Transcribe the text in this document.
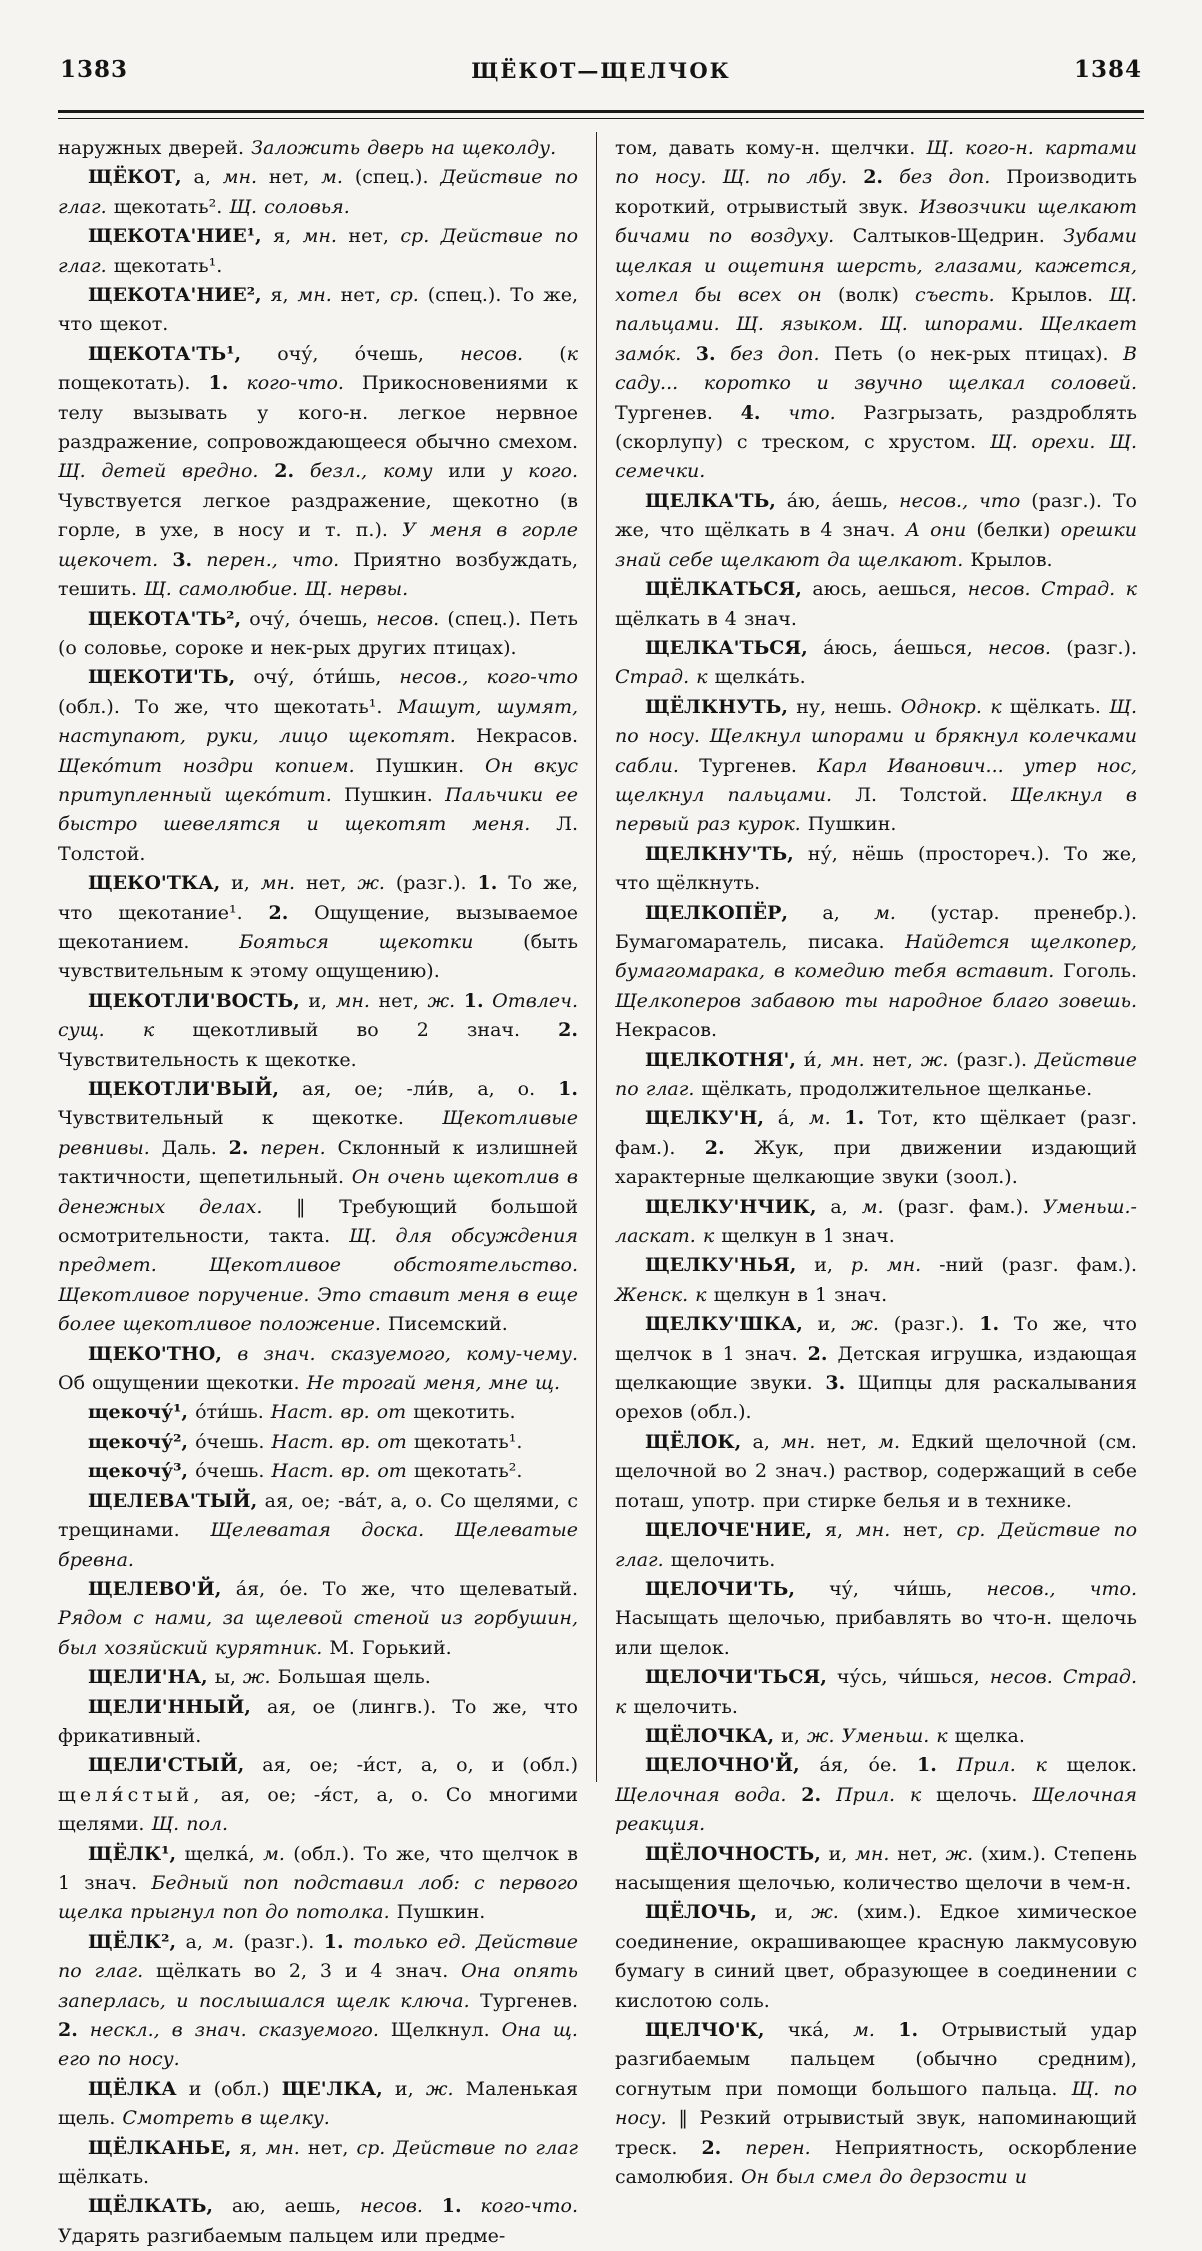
1383	ЩЁКОТ—ЩЕЛЧОК	1384

наружных дверей. Заложить дверь на щеколду.

ЩЁКОТ, а, мн. нет, м. (спец.). Действие по глаг. щекотать². Щ. соловья.

ЩЕКОТА'НИЕ¹, я, мн. нет, ср. Действие по глаг. щекотать¹.

ЩЕКОТА'НИЕ², я, мн. нет, ср. (спец.). То же, что щекот.

ЩЕКОТА'ТЬ¹, очу́, о́чешь, несов. (к пощекотать). 1. кого-что. Прикосновениями к телу вызывать у кого-н. легкое нервное раздражение, сопровождающееся обычно смехом. Щ. детей вредно. 2. безл., кому или у кого. Чувствуется легкое раздражение, щекотно (в горле, в ухе, в носу и т. п.). У меня в горле щекочет. 3. перен., что. Приятно возбуждать, тешить. Щ. самолюбие. Щ. нервы.

ЩЕКОТА'ТЬ², очу́, о́чешь, несов. (спец.). Петь (о соловье, сороке и нек-рых других птицах).

ЩЕКОТИ'ТЬ, очу́, о́ти́шь, несов., кого-что (обл.). То же, что щекотать¹. Машут, шумят, наступают, руки, лицо щекотят. Некрасов. Щеко́тит ноздри копием. Пушкин. Он вкус притупленный щеко́тит. Пушкин. Пальчики ее быстро шевелятся и щекотят меня. Л. Толстой.

ЩЕКО'ТКА, и, мн. нет, ж. (разг.). 1. То же, что щекотание¹. 2. Ощущение, вызываемое щекотанием. Бояться щекотки (быть чувствительным к этому ощущению).

ЩЕКОТЛИ'ВОСТЬ, и, мн. нет, ж. 1. Отвлеч. сущ. к щекотливый во 2 знач. 2. Чувствительность к щекотке.

ЩЕКОТЛИ'ВЫЙ, ая, ое; -ли́в, а, о. 1. Чувствительный к щекотке. Щекотливые ревнивы. Даль. 2. перен. Склонный к излишней тактичности, щепетильный. Он очень щекотлив в денежных делах. ‖ Требующий большой осмотрительности, такта. Щ. для обсуждения предмет. Щекотливое обстоятельство. Щекотливое поручение. Это ставит меня в еще более щекотливое положение. Писемский.

ЩЕКО'ТНО, в знач. сказуемого, кому-чему. Об ощущении щекотки. Не трогай меня, мне щ.

щекочу́¹, о́ти́шь. Наст. вр. от щекотить.

щекочу́², о́чешь. Наст. вр. от щекотать¹.

щекочу́³, о́чешь. Наст. вр. от щекотать².

ЩЕЛЕВА'ТЫЙ, ая, ое; -ва́т, а, о. Со щелями, с трещинами. Щелеватая доска. Щелеватые бревна.

ЩЕЛЕВО'Й, а́я, о́е. То же, что щелеватый. Рядом с нами, за щелевой стеной из горбушин, был хозяйский курятник. М. Горький.

ЩЕЛИ'НА, ы, ж. Большая щель.

ЩЕЛИ'ННЫЙ, ая, ое (лингв.). То же, что фрикативный.

ЩЕЛИ'СТЫЙ, ая, ое; -и́ст, а, о, и (обл.) щеля́стый, ая, ое; -я́ст, а, о. Со многими щелями. Щ. пол.

ЩЁЛК¹, щелка́, м. (обл.). То же, что щелчок в 1 знач. Бедный поп подставил лоб: с первого щелка прыгнул поп до потолка. Пушкин.

ЩЁЛК², а, м. (разг.). 1. только ед. Действие по глаг. щёлкать во 2, 3 и 4 знач. Она опять заперлась, и послышался щелк ключа. Тургенев. 2. нескл., в знач. сказуемого. Щелкнул. Она щ. его по носу.

ЩЁЛКА и (обл.) ЩЕ'ЛКА, и, ж. Маленькая щель. Смотреть в щелку.

ЩЁЛКАНЬЕ, я, мн. нет, ср. Действие по глаг щёлкать.

ЩЁЛКАТЬ, аю, аешь, несов. 1. кого-что. Ударять разгибаемым пальцем или предме-

том, давать кому-н. щелчки. Щ. кого-н. картами по носу. Щ. по лбу. 2. без доп. Производить короткий, отрывистый звук. Извозчики щелкают бичами по воздуху. Салтыков-Щедрин. Зубами щелкая и ощетиня шерсть, глазами, кажется, хотел бы всех он (волк) съесть. Крылов. Щ. пальцами. Щ. языком. Щ. шпорами. Щелкает замо́к. 3. без доп. Петь (о нек-рых птицах). В саду... коротко и звучно щелкал соловей. Тургенев. 4. что. Разгрызать, раздроблять (скорлупу) с треском, с хрустом. Щ. орехи. Щ. семечки.

ЩЕЛКА'ТЬ, а́ю, а́ешь, несов., что (разг.). То же, что щёлкать в 4 знач. А они (белки) орешки знай себе щелкают да щелкают. Крылов.

ЩЁЛКАТЬСЯ, аюсь, аешься, несов. Страд. к щёлкать в 4 знач.

ЩЕЛКА'ТЬСЯ, а́юсь, а́ешься, несов. (разг.). Страд. к щелка́ть.

ЩЁЛКНУТЬ, ну, нешь. Однокр. к щёлкать. Щ. по носу. Щелкнул шпорами и брякнул колечками сабли. Тургенев. Карл Иванович... утер нос, щелкнул пальцами. Л. Толстой. Щелкнул в первый раз курок. Пушкин.

ЩЕЛКНУ'ТЬ, ну́, нёшь (простореч.). То же, что щёлкнуть.

ЩЕЛКОПЁР, а, м. (устар. пренебр.). Бумагомаратель, писака. Найдется щелкопер, бумагомарака, в комедию тебя вставит. Гоголь. Щелкоперов забавою ты народное благо зовешь. Некрасов.

ЩЕЛКОТНЯ', и́, мн. нет, ж. (разг.). Действие по глаг. щёлкать, продолжительное щелканье.

ЩЕЛКУ'Н, а́, м. 1. Тот, кто щёлкает (разг. фам.). 2. Жук, при движении издающий характерные щелкающие звуки (зоол.).

ЩЕЛКУ'НЧИК, а, м. (разг. фам.). Уменьш.-ласкат. к щелкун в 1 знач.

ЩЕЛКУ'НЬЯ, и, р. мн. -ний (разг. фам.). Женск. к щелкун в 1 знач.

ЩЕЛКУ'ШКА, и, ж. (разг.). 1. То же, что щелчок в 1 знач. 2. Детская игрушка, издающая щелкающие звуки. 3. Щипцы для раскалывания орехов (обл.).

ЩЁЛОК, а, мн. нет, м. Едкий щелочной (см. щелочной во 2 знач.) раствор, содержащий в себе поташ, употр. при стирке белья и в технике.

ЩЕЛОЧЕ'НИЕ, я, мн. нет, ср. Действие по глаг. щелочить.

ЩЕЛОЧИ'ТЬ, чу́, чи́шь, несов., что. Насыщать щелочью, прибавлять во что-н. щелочь или щелок.

ЩЕЛОЧИ'ТЬСЯ, чу́сь, чи́шься, несов. Страд. к щелочить.

ЩЁЛОЧКА, и, ж. Уменьш. к щелка.

ЩЕЛОЧНО'Й, а́я, о́е. 1. Прил. к щелок. Щелочная вода. 2. Прил. к щелочь. Щелочная реакция.

ЩЁЛОЧНОСТЬ, и, мн. нет, ж. (хим.). Степень насыщения щелочью, количество щелочи в чем-н.

ЩЁЛОЧЬ, и, ж. (хим.). Едкое химическое соединение, окрашивающее красную лакмусовую бумагу в синий цвет, образующее в соединении с кислотою соль.

ЩЕЛЧО'К, чка́, м. 1. Отрывистый удар разгибаемым пальцем (обычно средним), согнутым при помощи большого пальца. Щ. по носу. ‖ Резкий отрывистый звук, напоминающий треск. 2. перен. Неприятность, оскорбление самолюбия. Он был смел до дерзости и
